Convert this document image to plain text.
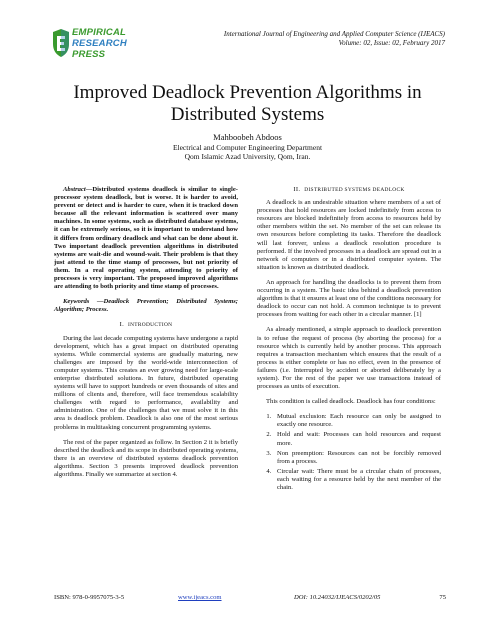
EMPIRICAL
RESEARCH
PRESS
International Journal of Engineering and Applied Computer Science (IJEACS)
Volume: 02, Issue: 02, February 2017
Improved Deadlock Prevention Algorithms in
Distributed Systems
Mahboobeh Abdoos
Electrical and Computer Engineering Department
Qom Islamic Azad University, Qom, Iran.

Abstract—Distributed systems deadlock is similar to single-processor system deadlock, but is worse. It is harder to avoid, prevent or detect and is harder to cure, when it is tracked down because all the relevant information is scattered over many machines. In some systems, such as distributed database systems, it can be extremely serious, so it is important to understand how it differs from ordinary deadlock and what can be done about it. Two important deadlock prevention algorithms in distributed systems are wait-die and wound-wait. Their problem is that they just attend to the time stamp of processes, but not priority of them. In a real operating system, attending to priority of processes is very important. The proposed improved algorithms are attending to both priority and time stamp of processes.

Keywords —Deadlock Prevention; Distributed Systems; Algorithm; Process.

I. INTRODUCTION

During the last decade computing systems have undergone a rapid development, which has a great impact on distributed operating systems. While commercial systems are gradually maturing, new challenges are imposed by the world-wide interconnection of computer systems. This creates an ever growing need for large-scale enterprise distributed solutions. In future, distributed operating systems will have to support hundreds or even thousands of sites and millions of clients and, therefore, will face tremendous scalability challenges with regard to performance, availability and administration. One of the challenges that we must solve it in this area is deadlock problem. Deadlock is also one of the most serious problems in multitasking concurrent programming systems.

The rest of the paper organized as follow. In Section 2 it is briefly described the deadlock and its scope in distributed operating systems, there is an overview of distributed systems deadlock prevention algorithms. Section 3 presents improved deadlock prevention algorithms. Finally we summarize at section 4.

II. DISTRIBUTED SYSTEMS DEADLOCK

A deadlock is an undesirable situation where members of a set of processes that hold resources are locked indefinitely from access to resources are blocked indefinitely from access to resources held by other members within the set. No member of the set can release its own resources before completing its tasks. Therefore the deadlock will last forever, unless a deadlock resolution procedure is performed. If the involved processes in a deadlock are spread out in a network of computers or in a distributed computer system. The situation is known as distributed deadlock.

An approach for handling the deadlocks is to prevent them from occurring in a system. The basic idea behind a deadlock prevention algorithm is that it ensures at least one of the conditions necessary for deadlock to occur can not hold. A common technique is to prevent processes from waiting for each other in a circular manner. [1]

As already mentioned, a simple approach to deadlock prevention is to refuse the request of process (by aborting the process) for a resource which is currently held by another process. This approach requires a transaction mechanism which ensures that the result of a process is either complete or has no effect, even in the presence of failures (i.e. Interrupted by accident or aborted deliberately by a system). For the rest of the paper we use transactions instead of processes as units of execution.

This condition is called deadlock. Deadlock has four conditions:

1. Mutual exclusion: Each resource can only be assigned to exactly one resource.
2. Hold and wait: Processes can hold resources and request more.
3. Non preemption: Resources can not be forcibly removed from a process.
4. Circular wait: There must be a circular chain of processes, each waiting for a resource held by the next member of the chain.
ISBN: 978-0-9957075-3-5	www.ijeacs.com	DOI: 10.24032/IJEACS/0202/05	75
